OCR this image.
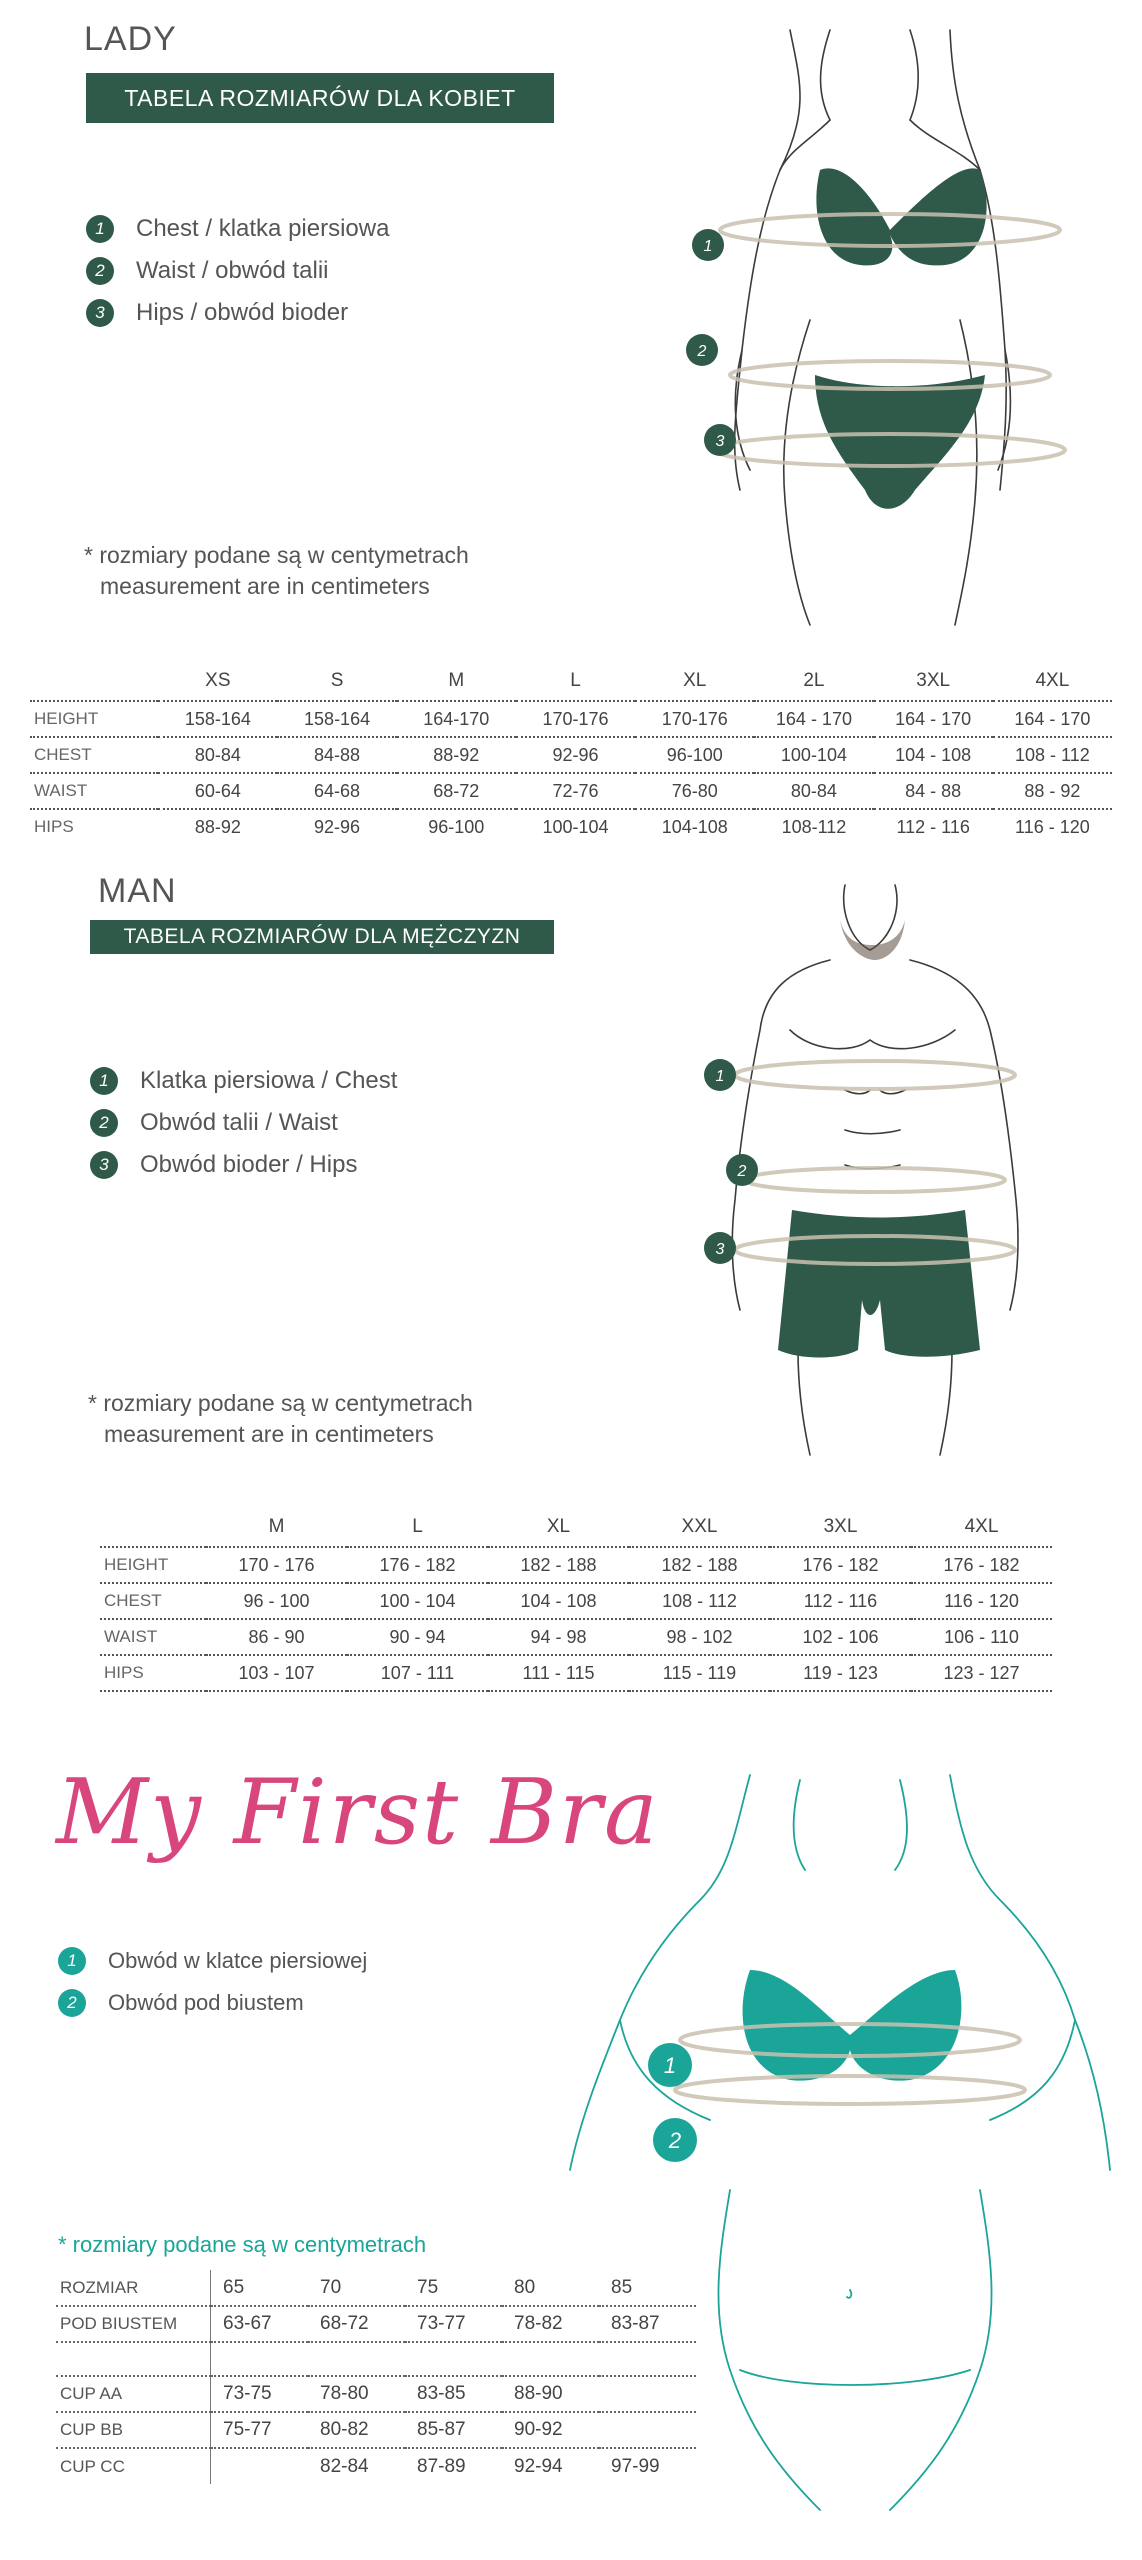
LADY
TABELA ROZMIARÓW DLA KOBIET
1	Chest / klatka piersiowa
2	Waist / obwód talii
3	Hips / obwód bioder
* rozmiary podane są w centymetrach
measurement are in centimeters
1
2
3
	XS	S	M	L	XL	2L	3XL	4XL
HEIGHT	158-164	158-164	164-170	170-176	170-176	164 - 170	164 - 170	164 - 170
CHEST	80-84	84-88	88-92	92-96	96-100	100-104	104 - 108	108 - 112
WAIST	60-64	64-68	68-72	72-76	76-80	80-84	84 - 88	88 - 92
HIPS	88-92	92-96	96-100	100-104	104-108	108-112	112 - 116	116 - 120
MAN
TABELA ROZMIARÓW DLA MĘŻCZYZN
1	Klatka piersiowa / Chest
2	Obwód talii / Waist
3	Obwód bioder / Hips
* rozmiary podane są w centymetrach
measurement are in centimeters
1
2
3
	M	L	XL	XXL	3XL	4XL
HEIGHT	170 - 176	176 - 182	182 - 188	182 - 188	176 - 182	176 - 182
CHEST	96 - 100	100 - 104	104 - 108	108 - 112	112 - 116	116 - 120
WAIST	86 - 90	90 - 94	94 - 98	98 - 102	102 - 106	106 - 110
HIPS	103 - 107	107 - 111	111 - 115	115 - 119	119 - 123	123 - 127
My First Bra
1	Obwód w klatce piersiowej
2	Obwód pod biustem
* rozmiary podane są w centymetrach
1
2
ROZMIAR	65	70	75	80	85
POD BIUSTEM	63-67	68-72	73-77	78-82	83-87

CUP AA	73-75	78-80	83-85	88-90	
CUP BB	75-77	80-82	85-87	90-92	
CUP CC		82-84	87-89	92-94	97-99
